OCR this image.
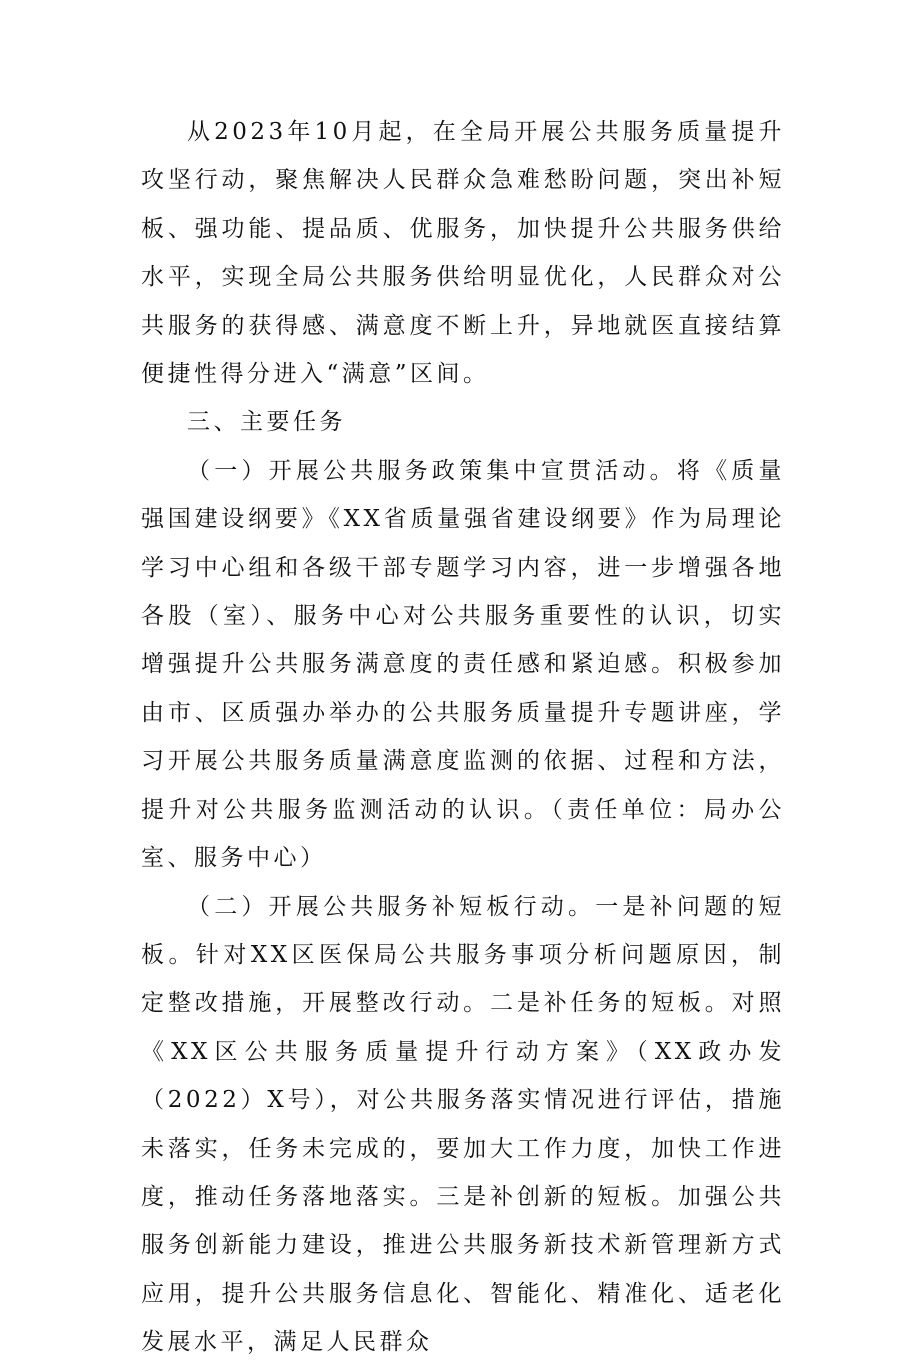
从2023年10月起，在全局开展公共服务质量提升攻坚行动，聚焦解决人民群众急难愁盼问题，突出补短板、强功能、提品质、优服务，加快提升公共服务供给水平，实现全局公共服务供给明显优化，人民群众对公共服务的获得感、满意度不断上升，异地就医直接结算便捷性得分进入“满意”区间。

三、主要任务

（一）开展公共服务政策集中宣贯活动。将《质量强国建设纲要》《XX省质量强省建设纲要》作为局理论学习中心组和各级干部专题学习内容，进一步增强各地各股（室）、服务中心对公共服务重要性的认识，切实增强提升公共服务满意度的责任感和紧迫感。积极参加由市、区质强办举办的公共服务质量提升专题讲座，学习开展公共服务质量满意度监测的依据、过程和方法，提升对公共服务监测活动的认识。（责任单位：局办公室、服务中心）

（二）开展公共服务补短板行动。一是补问题的短板。针对XX区医保局公共服务事项分析问题原因，制定整改措施，开展整改行动。二是补任务的短板。对照《XX区公共服务质量提升行动方案》（XX政办发（2022）X号），对公共服务落实情况进行评估，措施未落实，任务未完成的，要加大工作力度，加快工作进度，推动任务落地落实。三是补创新的短板。加强公共服务创新能力建设，推进公共服务新技术新管理新方式应用，提升公共服务信息化、智能化、精准化、适老化发展水平，满足人民群众
